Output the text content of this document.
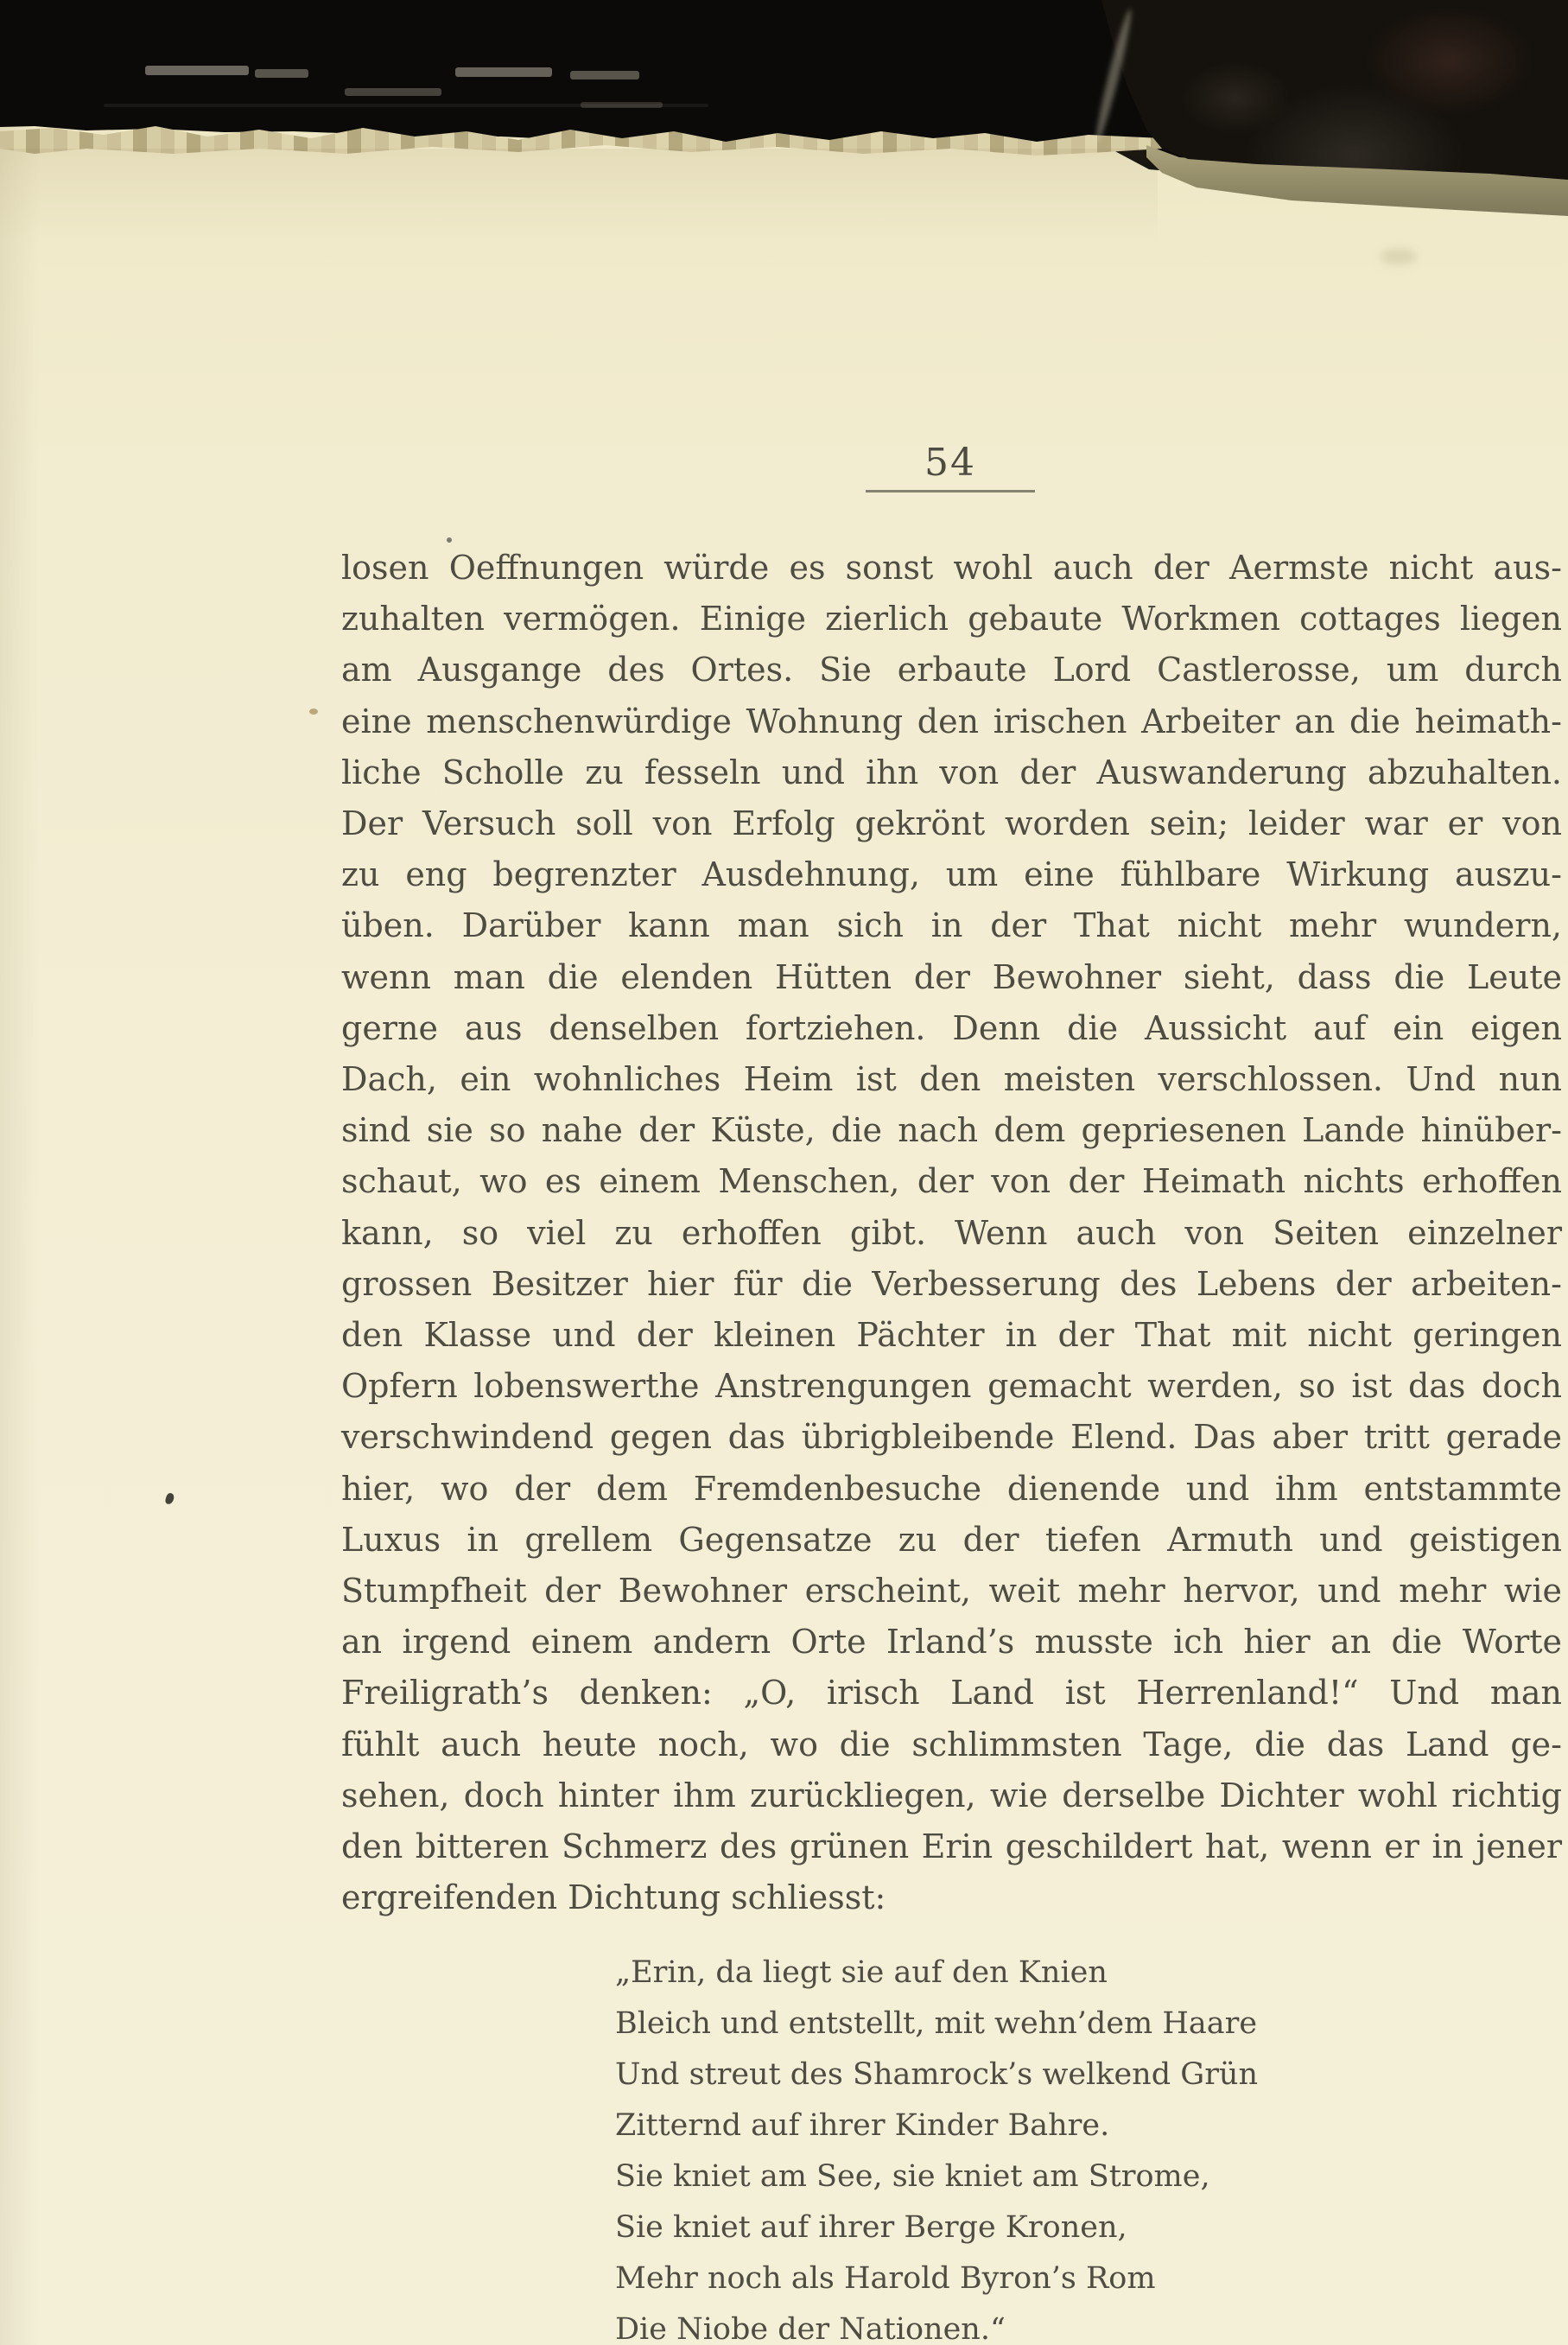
54
losen Oeffnungen würde es sonst wohl auch der Aermste nicht aus-
zuhalten vermögen. Einige zierlich gebaute Workmen cottages liegen
am Ausgange des Ortes. Sie erbaute Lord Castlerosse, um durch
eine menschenwürdige Wohnung den irischen Arbeiter an die heimath-
liche Scholle zu fesseln und ihn von der Auswanderung abzuhalten.
Der Versuch soll von Erfolg gekrönt worden sein; leider war er von
zu eng begrenzter Ausdehnung, um eine fühlbare Wirkung auszu-
üben. Darüber kann man sich in der That nicht mehr wundern,
wenn man die elenden Hütten der Bewohner sieht, dass die Leute
gerne aus denselben fortziehen. Denn die Aussicht auf ein eigen
Dach, ein wohnliches Heim ist den meisten verschlossen. Und nun
sind sie so nahe der Küste, die nach dem gepriesenen Lande hinüber-
schaut, wo es einem Menschen, der von der Heimath nichts erhoffen
kann, so viel zu erhoffen gibt. Wenn auch von Seiten einzelner
grossen Besitzer hier für die Verbesserung des Lebens der arbeiten-
den Klasse und der kleinen Pächter in der That mit nicht geringen
Opfern lobenswerthe Anstrengungen gemacht werden, so ist das doch
verschwindend gegen das übrigbleibende Elend. Das aber tritt gerade
hier, wo der dem Fremdenbesuche dienende und ihm entstammte
Luxus in grellem Gegensatze zu der tiefen Armuth und geistigen
Stumpfheit der Bewohner erscheint, weit mehr hervor, und mehr wie
an irgend einem andern Orte Irland’s musste ich hier an die Worte
Freiligrath’s denken: „O, irisch Land ist Herrenland!“ Und man
fühlt auch heute noch, wo die schlimmsten Tage, die das Land ge-
sehen, doch hinter ihm zurückliegen, wie derselbe Dichter wohl richtig
den bitteren Schmerz des grünen Erin geschildert hat, wenn er in jener
ergreifenden Dichtung schliesst:
„Erin, da liegt sie auf den Knien
Bleich und entstellt, mit wehn’dem Haare
Und streut des Shamrock’s welkend Grün
Zitternd auf ihrer Kinder Bahre.
Sie kniet am See, sie kniet am Strome,
Sie kniet auf ihrer Berge Kronen,
Mehr noch als Harold Byron’s Rom
Die Niobe der Nationen.“
